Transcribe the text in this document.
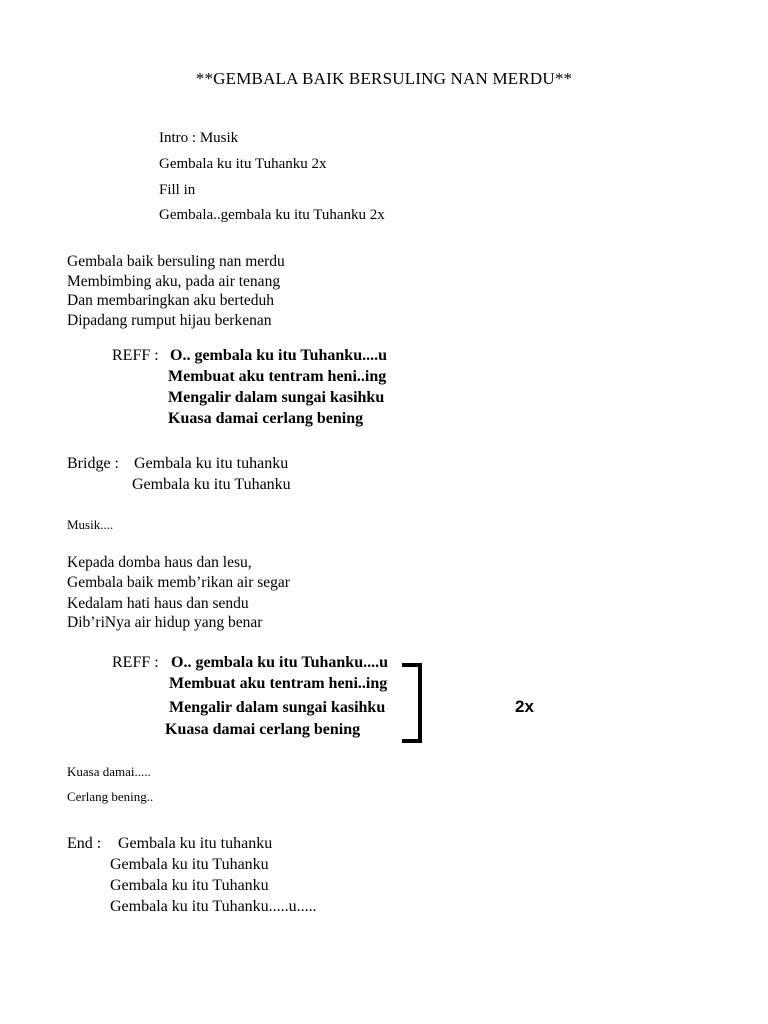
**GEMBALA BAIK BERSULING NAN MERDU**
Intro : Musik
Gembala ku itu Tuhanku 2x
Fill in
Gembala..gembala ku itu Tuhanku 2x
Gembala baik bersuling nan merdu
Membimbing aku, pada air tenang
Dan membaringkan aku berteduh
Dipadang rumput hijau berkenan
REFF : O.. gembala ku itu Tuhanku....u
Membuat aku tentram heni..ing
Mengalir dalam sungai kasihku
Kuasa damai cerlang bening
Bridge : Gembala ku itu tuhanku
Gembala ku itu Tuhanku
Musik....
Kepada domba haus dan lesu,
Gembala baik memb’rikan air segar
Kedalam hati haus dan sendu
Dib’riNya air hidup yang benar
REFF : O.. gembala ku itu Tuhanku....u
Membuat aku tentram heni..ing
Mengalir dalam sungai kasihku
Kuasa damai cerlang bening
2x
Kuasa damai.....
Cerlang bening..
End : Gembala ku itu tuhanku
Gembala ku itu Tuhanku
Gembala ku itu Tuhanku
Gembala ku itu Tuhanku.....u.....
